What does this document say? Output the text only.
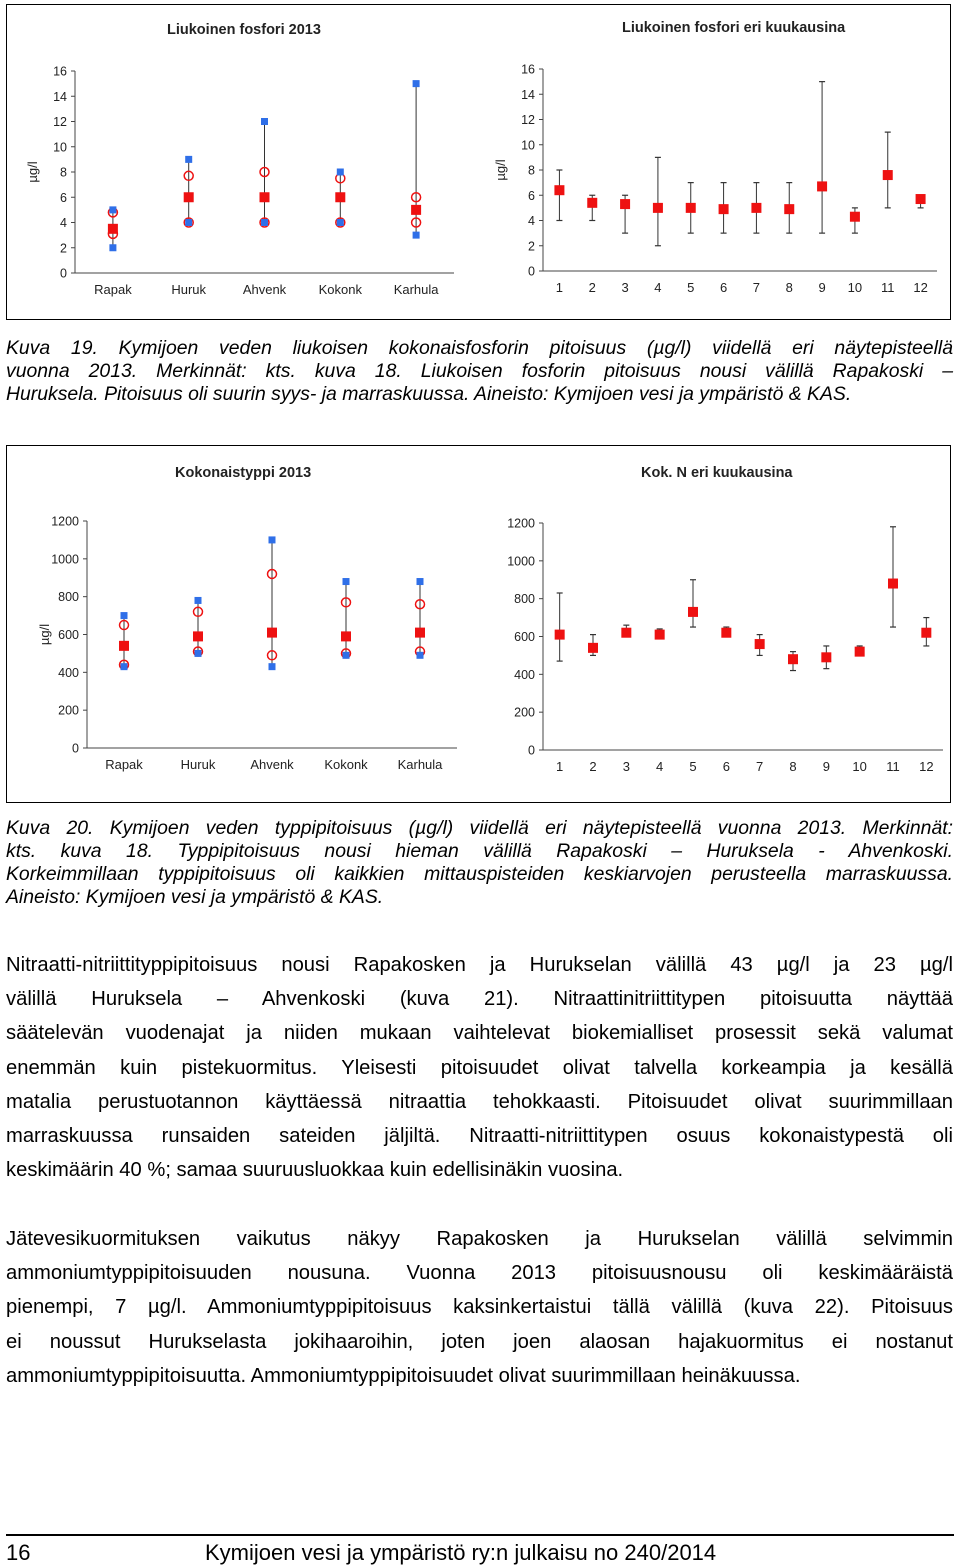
Liukoinen fosfori 2013
0
2
4
6
8
10
12
14
16
µg/l
Rapak	Huruk	Ahvenk Kokonk Karhula
Liukoinen fosfori eri kuukausina
0
2
4
6
8
10
12
14
16
µg/l
1 2 3 4 5 6 7 8 9 10 11 12
Kuva 19. Kymijoen veden liukoisen kokonaisfosforin pitoisuus (µg/l) viidellä eri näytepisteellä
vuonna 2013. Merkinnät: kts. kuva 18. Liukoisen fosforin pitoisuus nousi välillä Rapakoski –
Huruksela. Pitoisuus oli suurin syys- ja marraskuussa. Aineisto: Kymijoen vesi ja ympäristö & KAS.
Kokonaistyppi 2013
0
200
400
600
800
1000
1200
µg/l
Rapak	Huruk	Ahvenk Kokonk Karhula
Kok. N eri kuukausina
0
200
400
600
800
1000
1200
1 2 3 4 5 6 7 8 9 10 11 12
Kuva 20. Kymijoen veden typpipitoisuus (µg/l) viidellä eri näytepisteellä vuonna 2013. Merkinnät:
kts. kuva 18. Typpipitoisuus nousi hieman välillä Rapakoski – Huruksela - Ahvenkoski.
Korkeimmillaan typpipitoisuus oli kaikkien mittauspisteiden keskiarvojen perusteella marraskuussa.
Aineisto: Kymijoen vesi ja ympäristö & KAS.
Nitraatti-nitriittityppipitoisuus nousi Rapakosken ja Hurukselan välillä 43 µg/l ja 23 µg/l
välillä Huruksela – Ahvenkoski (kuva 21). Nitraattinitriittitypen pitoisuutta näyttää
säätelevän vuodenajat ja niiden mukaan vaihtelevat biokemialliset prosessit sekä valumat
enemmän kuin pistekuormitus. Yleisesti pitoisuudet olivat talvella korkeampia ja kesällä
matalia perustuotannon käyttäessä nitraattia tehokkaasti. Pitoisuudet olivat suurimmillaan
marraskuussa runsaiden sateiden jäljiltä. Nitraatti-nitriittitypen osuus kokonaistypestä oli
keskimäärin 40 %; samaa suuruusluokkaa kuin edellisinäkin vuosina.
Jätevesikuormituksen vaikutus näkyy Rapakosken ja Hurukselan välillä selvimmin
ammoniumtyppipitoisuuden nousuna. Vuonna 2013 pitoisuusnousu oli keskimääräistä
pienempi, 7 µg/l. Ammoniumtyppipitoisuus kaksinkertaistui tällä välillä (kuva 22). Pitoisuus
ei noussut Hurukselasta jokihaaroihin, joten joen alaosan hajakuormitus ei nostanut
ammoniumtyppipitoisuutta. Ammoniumtyppipitoisuudet olivat suurimmillaan heinäkuussa.
16	Kymijoen vesi ja ympäristö ry:n julkaisu no 240/2014
